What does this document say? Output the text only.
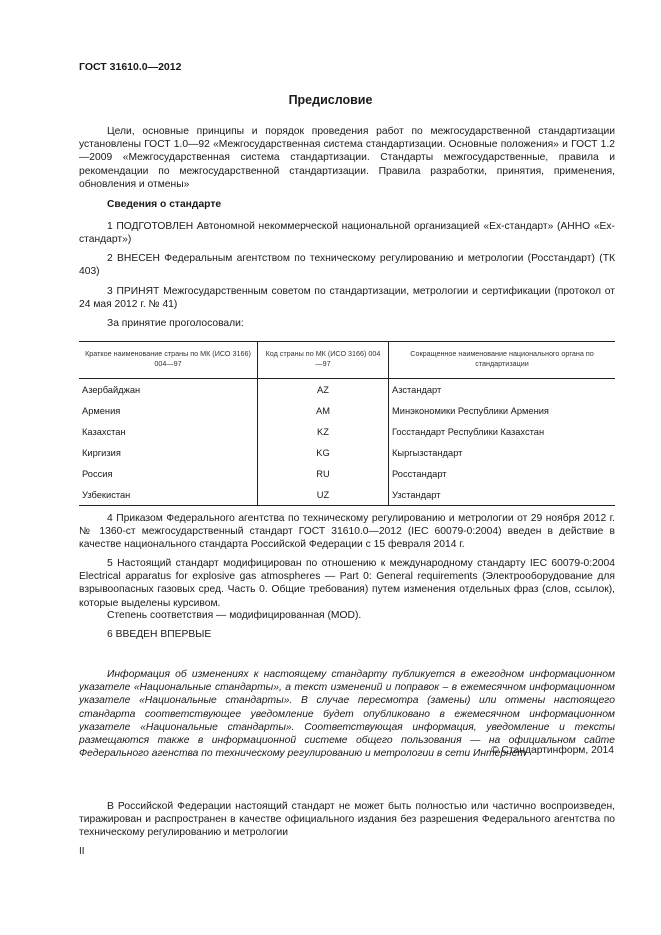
ГОСТ 31610.0—2012
Предисловие
Цели, основные принципы и порядок проведения работ по межгосударственной стандартизации установлены ГОСТ 1.0—92 «Межгосударственная система стандартизации. Основные положения» и ГОСТ 1.2—2009 «Межгосударственная система стандартизации. Стандарты межгосударственные, правила и рекомендации по межгосударственной стандартизации. Правила разработки, принятия, применения, обновления и отмены»
Сведения о стандарте
1 ПОДГОТОВЛЕН Автономной некоммерческой национальной организацией «Ех-стандарт» (АННО «Ех-стандарт»)
2 ВНЕСЕН Федеральным агентством по техническому регулированию и метрологии (Росстандарт) (ТК 403)
3 ПРИНЯТ Межгосударственным советом по стандартизации, метрологии и сертификации (протокол от 24 мая 2012 г. № 41)
За принятие проголосовали:
Краткое наименование страны по МК (ИСО 3166) 004—97	Код страны по МК (ИСО 3166) 004—97	Сокращенное наименование национального органа по стандартизации
Азербайджан	AZ	Азстандарт
Армения	AM	Минэкономики Республики Армения
Казахстан	KZ	Госстандарт Республики Казахстан
Киргизия	KG	Кыргызстандарт
Россия	RU	Росстандарт
Узбекистан	UZ	Узстандарт
4 Приказом Федерального агентства по техническому регулированию и метрологии от 29 ноября 2012 г. № 1360-ст межгосударственный стандарт ГОСТ 31610.0—2012 (IEC 60079-0:2004) введен в действие в качестве национального стандарта Российской Федерации с 15 февраля 2014 г.
5 Настоящий стандарт модифицирован по отношению к международному стандарту IEC 60079-0:2004 Electrical apparatus for explosive gas atmospheres — Part 0: General requirements (Электрооборудование для взрывоопасных газовых сред. Часть 0. Общие требования) путем изменения отдельных фраз (слов, ссылок), которые выделены курсивом.
Степень соответствия — модифицированная (MOD).
6 ВВЕДЕН ВПЕРВЫЕ
Информация об изменениях к настоящему стандарту публикуется в ежегодном информационном указателе «Национальные стандарты», а текст изменений и поправок – в ежемесячном информационном указателе «Национальные стандарты». В случае пересмотра (замены) или отмены настоящего стандарта соответствующее уведомление будет опубликовано в ежемесячном информационном указателе «Национальные стандарты». Соответствующая информация, уведомление и тексты размещаются также в информационной системе общего пользования — на официальном сайте Федерального агенства по техническому регулированию и метрологии в сети Интернет
© Стандартинформ, 2014
В Российской Федерации настоящий стандарт не может быть полностью или частично воспроизведен, тиражирован и распространен в качестве официального издания без разрешения Федерального агентства по техническому регулированию и метрологии
II
